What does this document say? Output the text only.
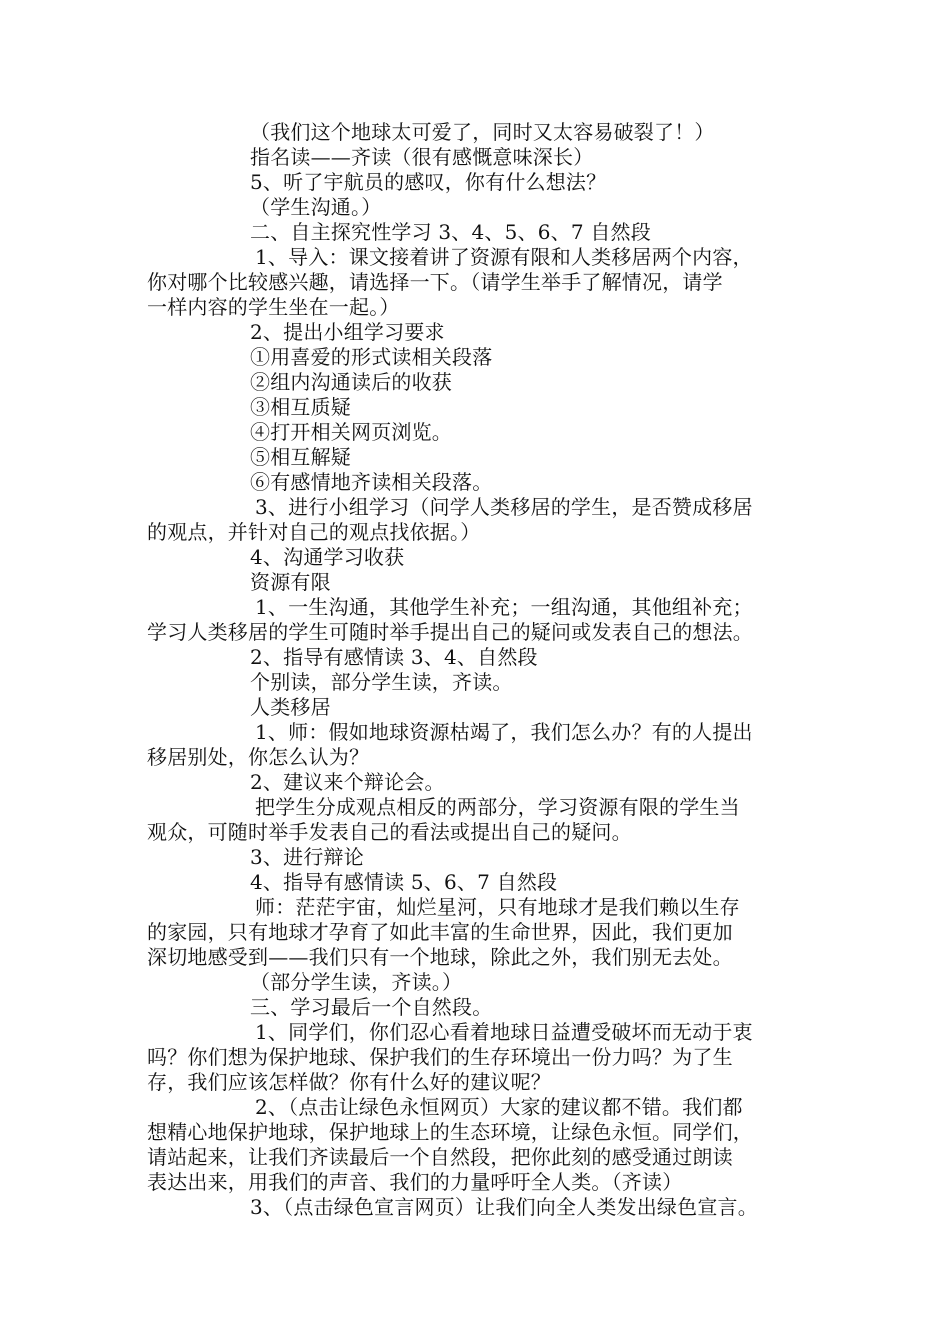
（我们这个地球太可爱了，同时又太容易破裂了！）
指名读——齐读（很有感慨意味深长）
5、听了宇航员的感叹，你有什么想法？
（学生沟通。）
二、自主探究性学习 3、4、5、6、7 自然段
1、导入：课文接着讲了资源有限和人类移居两个内容，
你对哪个比较感兴趣，请选择一下。（请学生举手了解情况，请学
一样内容的学生坐在一起。）
2、提出小组学习要求
①用喜爱的形式读相关段落
②组内沟通读后的收获
③相互质疑
④打开相关网页浏览。
⑤相互解疑
⑥有感情地齐读相关段落。
3、进行小组学习（问学人类移居的学生，是否赞成移居
的观点，并针对自己的观点找依据。）
4、沟通学习收获
资源有限
1、一生沟通，其他学生补充；一组沟通，其他组补充；
学习人类移居的学生可随时举手提出自己的疑问或发表自己的想法。
2、指导有感情读 3、4、自然段
个别读，部分学生读，齐读。
人类移居
1、师：假如地球资源枯竭了，我们怎么办？有的人提出
移居别处，你怎么认为？
2、建议来个辩论会。
把学生分成观点相反的两部分，学习资源有限的学生当
观众，可随时举手发表自己的看法或提出自己的疑问。
3、进行辩论
4、指导有感情读 5、6、7 自然段
师：茫茫宇宙，灿烂星河，只有地球才是我们赖以生存
的家园，只有地球才孕育了如此丰富的生命世界，因此，我们更加
深切地感受到——我们只有一个地球，除此之外，我们别无去处。
（部分学生读，齐读。）
三、学习最后一个自然段。
1、同学们，你们忍心看着地球日益遭受破坏而无动于衷
吗？你们想为保护地球、保护我们的生存环境出一份力吗？为了生
存，我们应该怎样做？你有什么好的建议呢？
2、（点击让绿色永恒网页）大家的建议都不错。我们都
想精心地保护地球，保护地球上的生态环境，让绿色永恒。同学们，
请站起来，让我们齐读最后一个自然段，把你此刻的感受通过朗读
表达出来，用我们的声音、我们的力量呼吁全人类。（齐读）
3、（点击绿色宣言网页）让我们向全人类发出绿色宣言。
